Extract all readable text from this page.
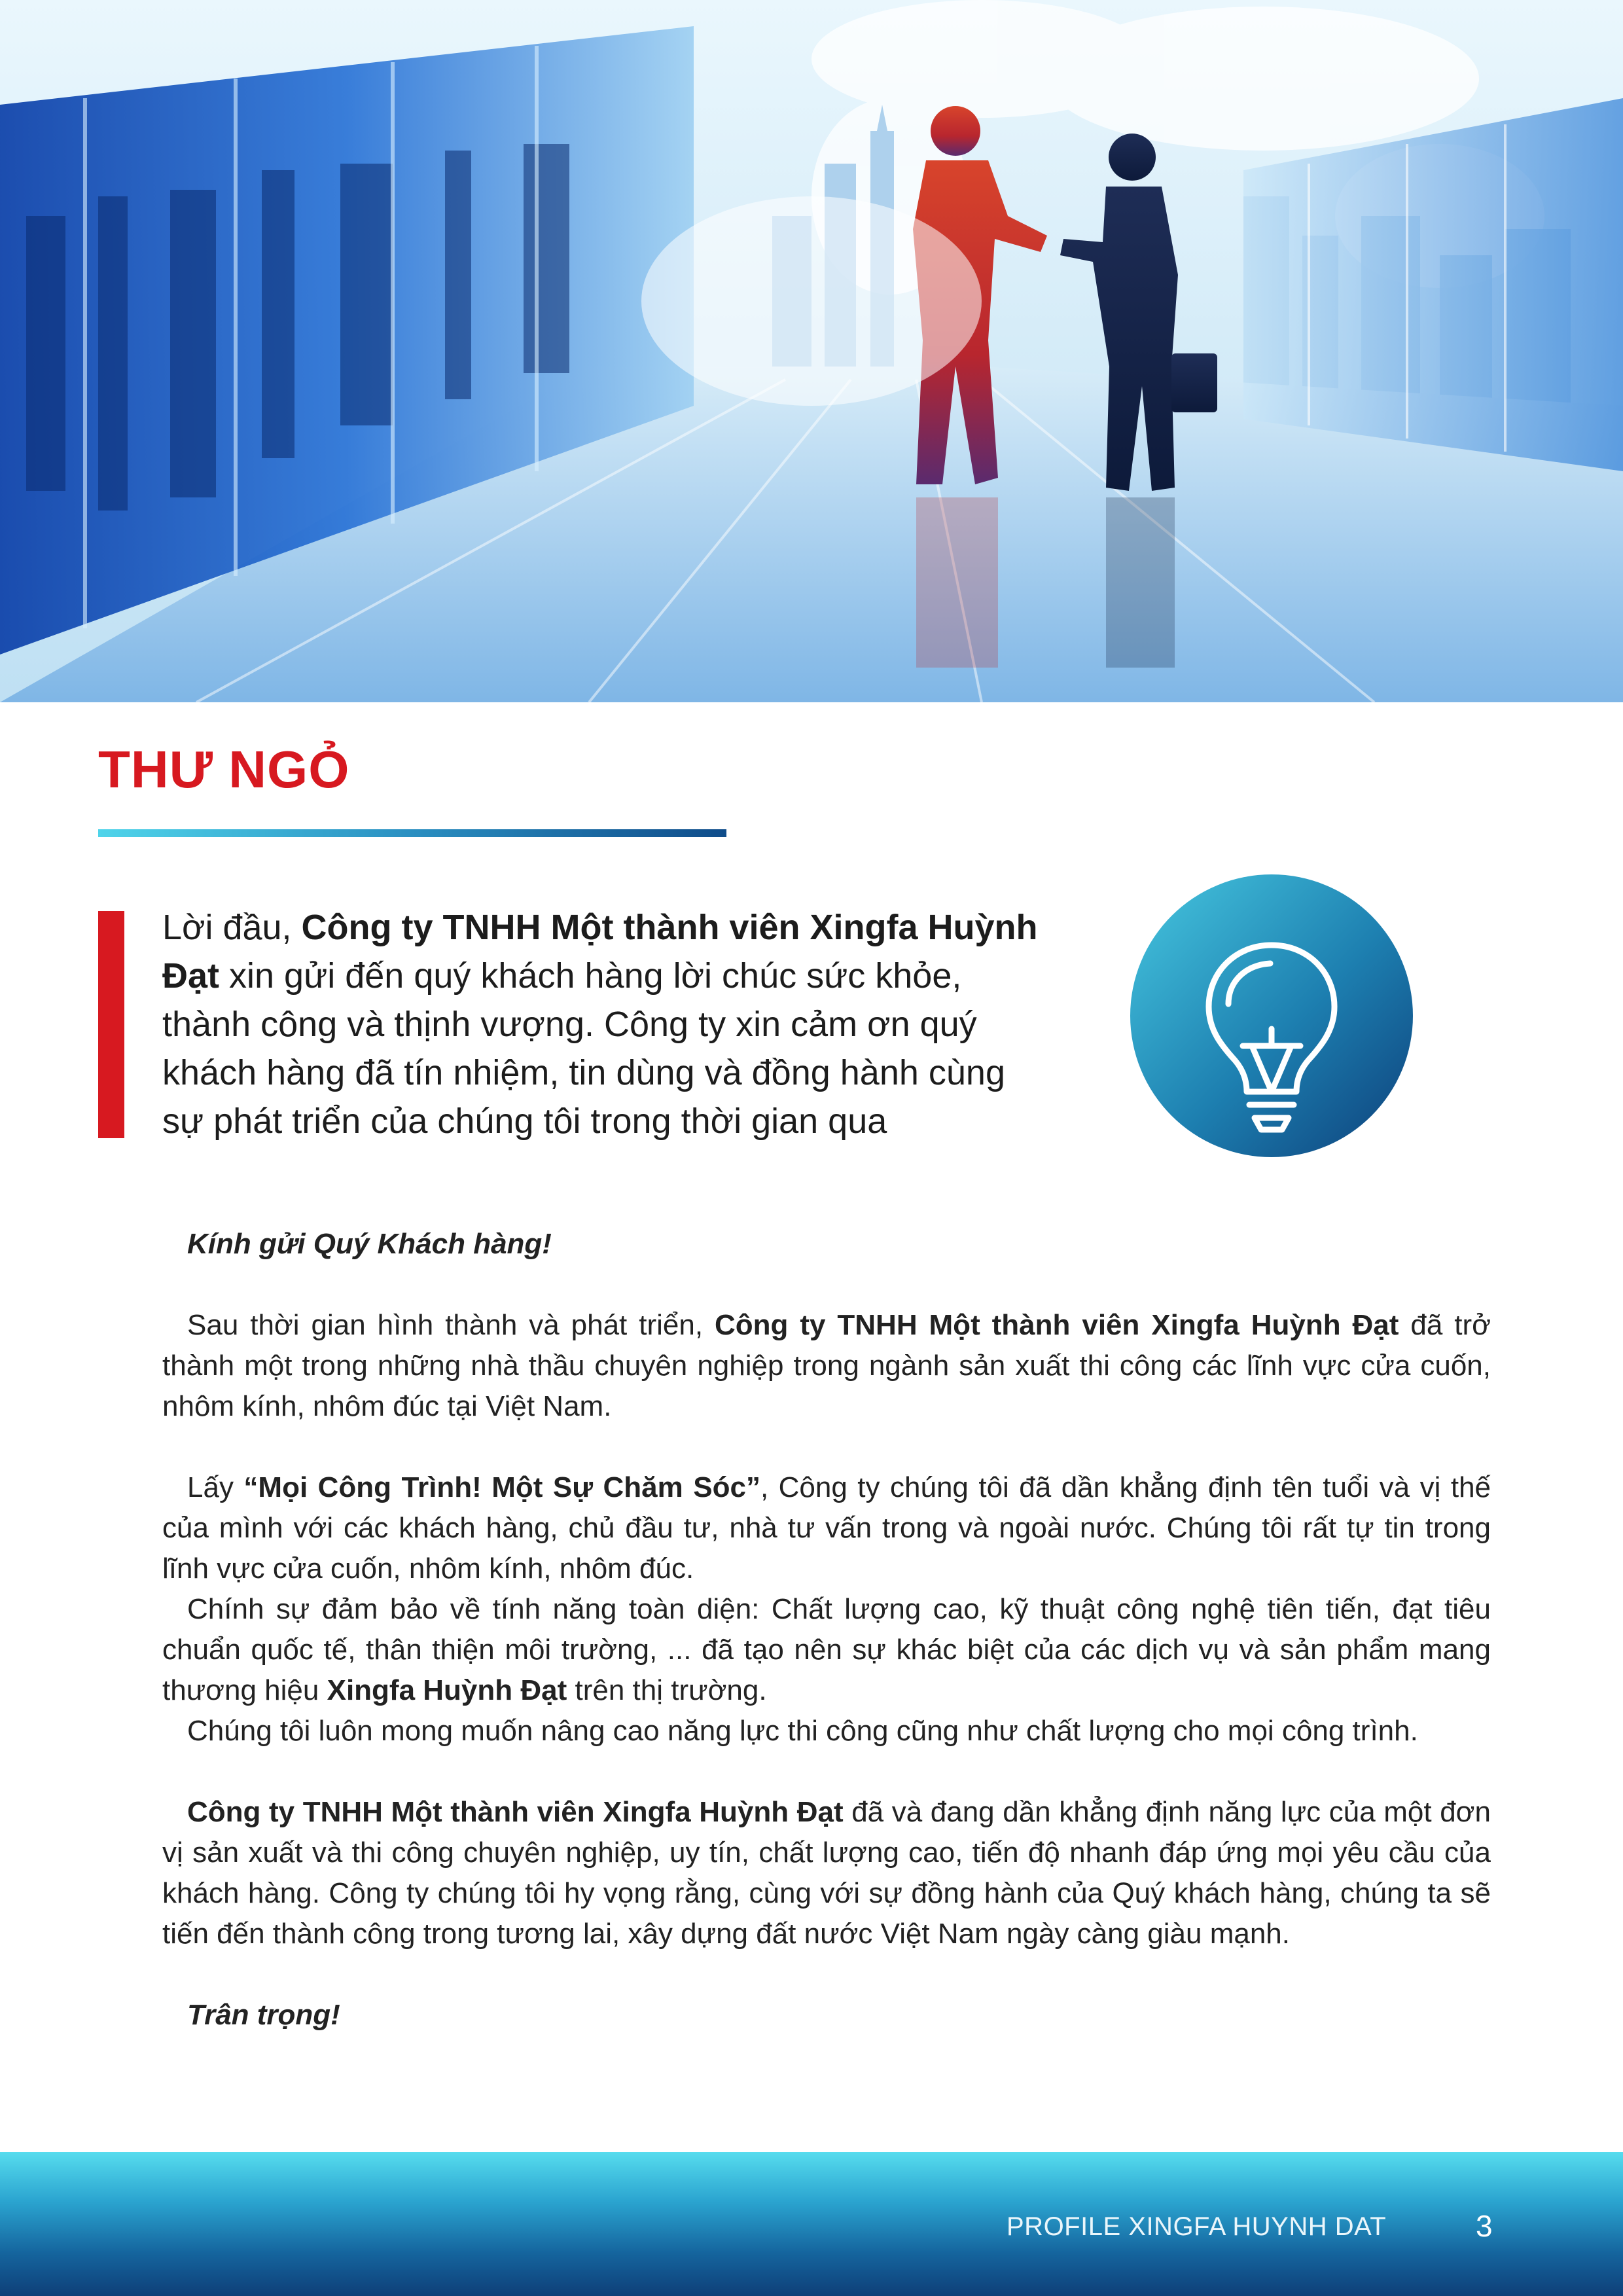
THƯ NGỎ

Lời đầu, Công ty TNHH Một thành viên Xingfa Huỳnh Đạt xin gửi đến quý khách hàng lời chúc sức khỏe, thành công và thịnh vượng. Công ty xin cảm ơn quý khách hàng đã tín nhiệm, tin dùng và đồng hành cùng sự phát triển của chúng tôi trong thời gian qua

Kính gửi Quý Khách hàng!

Sau thời gian hình thành và phát triển, Công ty TNHH Một thành viên Xingfa Huỳnh Đạt đã trở thành một trong những nhà thầu chuyên nghiệp trong ngành sản xuất thi công các lĩnh vực cửa cuốn, nhôm kính, nhôm đúc tại Việt Nam.

Lấy “Mọi Công Trình! Một Sự Chăm Sóc”, Công ty chúng tôi đã dần khẳng định tên tuổi và vị thế của mình với các khách hàng, chủ đầu tư, nhà tư vấn trong và ngoài nước. Chúng tôi rất tự tin trong lĩnh vực cửa cuốn, nhôm kính, nhôm đúc.

Chính sự đảm bảo về tính năng toàn diện: Chất lượng cao, kỹ thuật công nghệ tiên tiến, đạt tiêu chuẩn quốc tế, thân thiện môi trường, ... đã tạo nên sự khác biệt của các dịch vụ và sản phẩm mang thương hiệu Xingfa Huỳnh Đạt trên thị trường.

Chúng tôi luôn mong muốn nâng cao năng lực thi công cũng như chất lượng cho mọi công trình.

Công ty TNHH Một thành viên Xingfa Huỳnh Đạt đã và đang dần khẳng định năng lực của một đơn vị sản xuất và thi công chuyên nghiệp, uy tín, chất lượng cao, tiến độ nhanh đáp ứng mọi yêu cầu của khách hàng. Công ty chúng tôi hy vọng rằng, cùng với sự đồng hành của Quý khách hàng, chúng ta sẽ tiến đến thành công trong tương lai, xây dựng đất nước Việt Nam ngày càng giàu mạnh.

Trân trọng!

PROFILE XINGFA HUYNH DAT	3
